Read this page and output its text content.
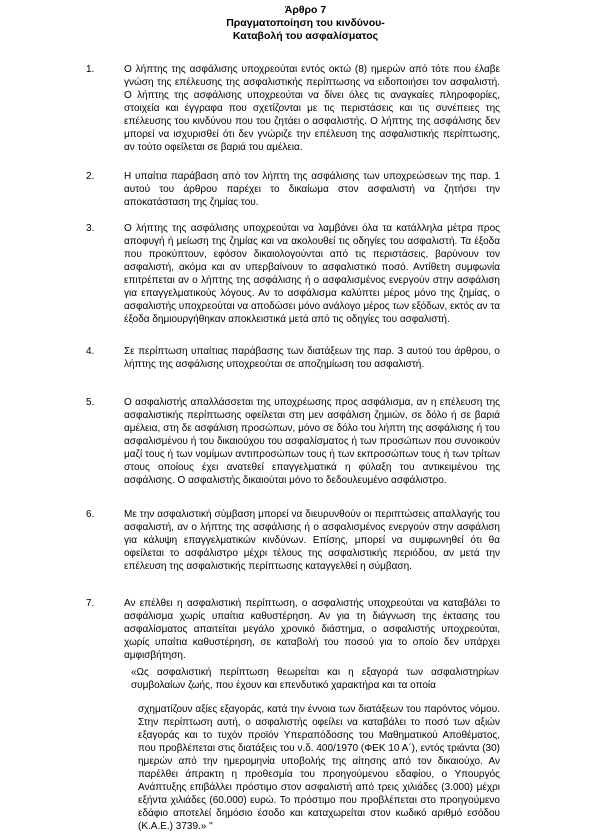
Άρθρο 7
Πραγματοποίηση του κινδύνου-
Καταβολή του ασφαλίσματος
1.	Ο λήπτης της ασφάλισης υποχρεούται εντός οκτώ (8) ημερών από τότε που έλαβε γνώση της επέλευσης της ασφαλιστικής περίπτωσης να ειδοποιήσει τον ασφαλιστή. Ο λήπτης της ασφάλισης υποχρεούται να δίνει όλες τις αναγκαίες πληροφορίες, στοιχεία και έγγραφα που σχετίζονται με τις περιστάσεις και τις συνέπειες της επέλευσης του κινδύνου που του ζητάει ο ασφαλιστής. Ο λήπτης της ασφάλισης δεν μπορεί να ισχυρισθεί ότι δεν γνώριζε την επέλευση της ασφαλιστικής περίπτωσης, αν τούτο οφείλεται σε βαριά του αμέλεια.
2.	Η υπαίτια παράβαση από τον λήπτη της ασφάλισης των υποχρεώσεων της παρ. 1 αυτού του άρθρου παρέχει το δικαίωμα στον ασφαλιστή να ζητήσει την αποκατάσταση της ζημίας του.
3.	Ο λήπτης της ασφάλισης υποχρεούται να λαμβάνει όλα τα κατάλληλα μέτρα προς αποφυγή ή μείωση της ζημίας και να ακολουθεί τις οδηγίες του ασφαλιστή. Τα έξοδα που προκύπτουν, εφόσον δικαιολογούνται από τις περιστάσεις, βαρύνουν τον ασφαλιστή, ακόμα και αν υπερβαίνουν το ασφαλιστικό ποσό. Αντίθετη συμφωνία επιτρέπεται αν ο λήπτης της ασφάλισης ή ο ασφαλισμένος ενεργούν στην ασφάλιση για επαγγελματικούς λόγους. Αν το ασφάλισμα καλύπτει μέρος μόνο της ζημίας, ο ασφαλιστής υποχρεούται να αποδώσει μόνο ανάλογο μέρος των εξόδων, εκτός αν τα έξοδα δημιουργήθηκαν αποκλειστικά μετά από τις οδηγίες του ασφαλιστή.
4.	Σε περίπτωση υπαίτιας παράβασης των διατάξεων της παρ. 3 αυτού του άρθρου, ο λήπτης της ασφάλισης υποχρεούται σε αποζημίωση του ασφαλιστή.
5.	Ο ασφαλιστής απαλλάσσεται της υποχρέωσης προς ασφάλισμα, αν η επέλευση της ασφαλιστικής περίπτωσης οφείλεται στη μεν ασφάλιση ζημιών, σε δόλο ή σε βαριά αμέλεια, στη δε ασφάλιση προσώπων, μόνο σε δόλο του λήπτη της ασφάλισης ή του ασφαλισμένου ή του δικαιούχου του ασφαλίσματος ή των προσώπων που συνοικούν μαζί τους ή των νομίμων αντιπροσώπων τους ή των εκπροσώπων τους ή των τρίτων στους οποίους έχει ανατεθεί επαγγελματικά η φύλαξη του αντικειμένου της ασφάλισης. Ο ασφαλιστής δικαιούται μόνο το δεδουλευμένο ασφάλιστρο.
6.	Με την ασφαλιστική σύμβαση μπορεί να διευρυνθούν οι περιπτώσεις απαλλαγής του ασφαλιστή, αν ο λήπτης της ασφάλισης ή ο ασφαλισμένος ενεργούν στην ασφάλιση για κάλυψη επαγγελματικών κινδύνων. Επίσης, μπορεί να συμφωνηθεί ότι θα οφείλεται το ασφάλιστρο μέχρι τέλους της ασφαλιστικής περιόδου, αν μετά την επέλευση της ασφαλιστικής περίπτωσης καταγγελθεί η σύμβαση.
7.	Αν επέλθει η ασφαλιστική περίπτωση, ο ασφαλιστής υποχρεούται να καταβάλει το ασφάλισμα χωρίς υπαίτια καθυστέρηση. Αν για τη διάγνωση της έκτασης του ασφαλίσματος απαιτείται μεγάλο χρονικό διάστημα, ο ασφαλιστής υποχρεούται, χωρίς υπαίτια καθυστέρηση, σε καταβολή του ποσού για το οποίο δεν υπάρχει αμφισβήτηση.
«Ως ασφαλιστική περίπτωση θεωρείται και η εξαγορά των ασφαλιστηρίων συμβολαίων ζωής, που έχουν και επενδυτικό χαρακτήρα και τα οποία
σχηματίζουν αξίες εξαγοράς, κατά την έννοια των διατάξεων του παρόντος νόμου. Στην περίπτωση αυτή, ο ασφαλιστής οφείλει να καταβάλει το ποσό των αξιών εξαγοράς και το τυχόν προϊόν Υπεραπόδοσης του Μαθηματικού Αποθέματος, που προβλέπεται στις διατάξεις του ν.δ. 400/1970 (ΦΕΚ 10 Α΄), εντός τριάντα (30) ημερών από την ημερομηνία υποβολής της αίτησης από τον δικαιούχο. Αν παρέλθει άπρακτη η προθεσμία του προηγούμενου εδαφίου, ο Υπουργός Ανάπτυξης επιβάλλει πρόστιμο στον ασφαλιστή από τρεις χιλιάδες (3.000) μέχρι εξήντα χιλιάδες (60.000) ευρώ. Το πρόστιμο που προβλέπεται στο προηγούμενο εδάφιο αποτελεί δημόσιο έσοδο και καταχωρείται στον κωδικό αριθμό εσόδου (Κ.Α.Ε.) 3739.» "
